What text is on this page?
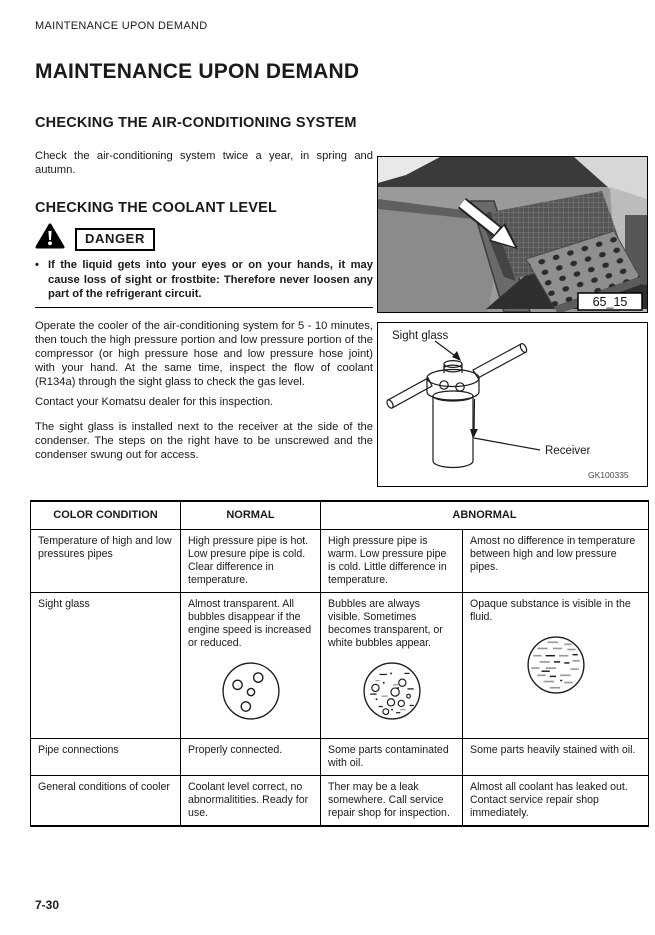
MAINTENANCE UPON DEMAND
MAINTENANCE UPON DEMAND
CHECKING THE AIR-CONDITIONING SYSTEM

Check the air-conditioning system twice a year, in spring and autumn.

CHECKING THE COOLANT LEVEL
DANGER
• If the liquid gets into your eyes or on your hands, it may cause loss of sight or frostbite: Therefore never loosen any part of the refrigerant circuit.

Operate the cooler of the air-conditioning system for 5 - 10 minutes, then touch the high pressure portion and low pressure portion of the compressor (or high pressure hose and low pressure hose joint) with your hand. At the same time, inspect the flow of coolant (R134a) through the sight glass to check the gas level.

Contact your Komatsu dealer for this inspection.

The sight glass is installed next to the receiver at the side of the condenser. The steps on the right have to be unscrewed and the condenser swung out for access.

65_15
Sight glass
Receiver
GK100335
COLOR CONDITION	NORMAL	ABNORMAL	
Temperature of high and low pressures pipes	High pressure pipe is hot. Low presure pipe is cold. Clear difference in temperature.	High pressure pipe is warm. Low pressure pipe is cold. Little difference in temperature.	Amost no difference in temperature between high and low pressure pipes.
Sight glass	Almost transparent. All bubbles disappear if the engine speed is increased or reduced.	Bubbles are always visible. Sometimes becomes transparent, or white bubbles appear.	Opaque substance is visible in the fluid.

Pipe connections	Properly connected.	Some parts contaminated with oil.	Some parts heavily stained with oil.
General conditions of cooler	Coolant level correct, no abnormalitities. Ready for use.	Ther may be a leak somewhere. Call service repair shop for inspection.	Almost all coolant has leaked out. Contact service repair shop immediately.
7-30
